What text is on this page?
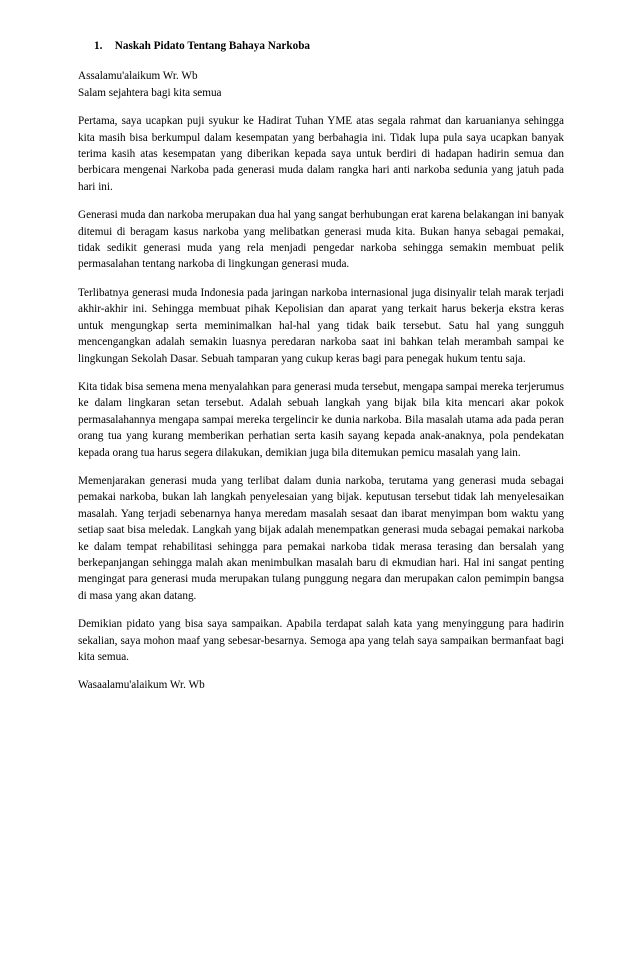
1. Naskah Pidato Tentang Bahaya Narkoba

Assalamu'alaikum Wr. Wb

Salam sejahtera bagi kita semua

Pertama, saya ucapkan puji syukur ke Hadirat Tuhan YME atas segala rahmat dan karuanianya sehingga kita masih bisa berkumpul dalam kesempatan yang berbahagia ini. Tidak lupa pula saya ucapkan banyak terima kasih atas kesempatan yang diberikan kepada saya untuk berdiri di hadapan hadirin semua dan berbicara mengenai Narkoba pada generasi muda dalam rangka hari anti narkoba sedunia yang jatuh pada hari ini.

Generasi muda dan narkoba merupakan dua hal yang sangat berhubungan erat karena belakangan ini banyak ditemui di beragam kasus narkoba yang melibatkan generasi muda kita. Bukan hanya sebagai pemakai, tidak sedikit generasi muda yang rela menjadi pengedar narkoba sehingga semakin membuat pelik permasalahan tentang narkoba di lingkungan generasi muda.

Terlibatnya generasi muda Indonesia pada jaringan narkoba internasional juga disinyalir telah marak terjadi akhir-akhir ini. Sehingga membuat pihak Kepolisian dan aparat yang terkait harus bekerja ekstra keras untuk mengungkap serta meminimalkan hal-hal yang tidak baik tersebut. Satu hal yang sungguh mencengangkan adalah semakin luasnya peredaran narkoba saat ini bahkan telah merambah sampai ke lingkungan Sekolah Dasar. Sebuah tamparan yang cukup keras bagi para penegak hukum tentu saja.

Kita tidak bisa semena mena menyalahkan para generasi muda tersebut, mengapa sampai mereka terjerumus ke dalam lingkaran setan tersebut. Adalah sebuah langkah yang bijak bila kita mencari akar pokok permasalahannya mengapa sampai mereka tergelincir ke dunia narkoba. Bila masalah utama ada pada peran orang tua yang kurang memberikan perhatian serta kasih sayang kepada anak-anaknya, pola pendekatan kepada orang tua harus segera dilakukan, demikian juga bila ditemukan pemicu masalah yang lain.

Memenjarakan generasi muda yang terlibat dalam dunia narkoba, terutama yang generasi muda sebagai pemakai narkoba, bukan lah langkah penyelesaian yang bijak. keputusan tersebut tidak lah menyelesaikan masalah. Yang terjadi sebenarnya hanya meredam masalah sesaat dan ibarat menyimpan bom waktu yang setiap saat bisa meledak. Langkah yang bijak adalah menempatkan generasi muda sebagai pemakai narkoba ke dalam tempat rehabilitasi sehingga para pemakai narkoba tidak merasa terasing dan bersalah yang berkepanjangan sehingga malah akan menimbulkan masalah baru di ekmudian hari. Hal ini sangat penting mengingat para generasi muda merupakan tulang punggung negara dan merupakan calon pemimpin bangsa di masa yang akan datang.

Demikian pidato yang bisa saya sampaikan. Apabila terdapat salah kata yang menyinggung para hadirin sekalian, saya mohon maaf yang sebesar-besarnya. Semoga apa yang telah saya sampaikan bermanfaat bagi kita semua.

Wasaalamu'alaikum Wr. Wb
